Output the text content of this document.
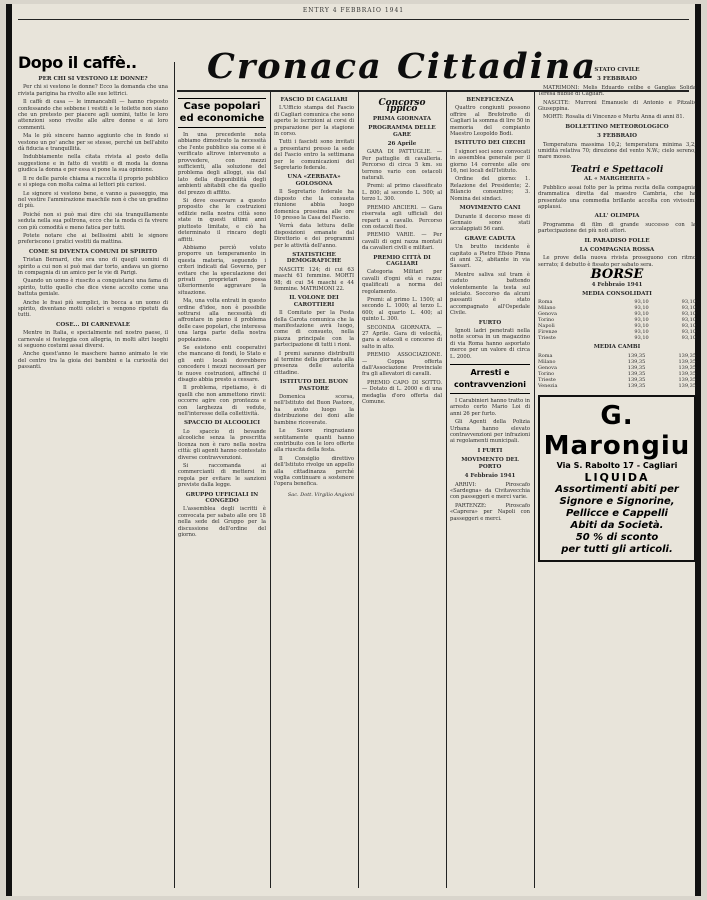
ENTRY 4 FEBBRAIO 1941
Cronaca Cittadina
Dopo il caffè..

PER CHI SI VESTONO LE DONNE?

Per chi si vestono le donne? Ecco la domanda che una rivista parigina ha rivolto alle sue lettrici.

Il caffè di casa — le immancabili — hanno risposto confessando che sebbene i vestiti e le toilette non siano che un pretesto per piacere agli uomini, tutte le loro attenzioni sono rivolte alle altre donne e ai loro commenti.

Ma le più sincere hanno aggiunto che in fondo si vestono un po' anche per se stesse, perché un bell'abito dà fiducia e tranquillità.

Indubbiamente nella citata rivista al posto della suggestione e in fatto di vestiti e di moda la donna giudica la donna e per essa si pone la sua opinione.

Il re delle parole chiama a raccolta il proprio pubblico e si spiega con molta calma ai lettori più curiosi.

Le signore si vestono bene, e vanno a passeggio, ma nel vestire l'ammirazione maschile non è che un gradino di più.

Poiché non si può mai dire chi sia tranquillamente seduta nella sua poltrona, ecco che la moda ci fa vivere con più comodità e meno fatica per tutti.

Potete notare che ai bellissimi abiti le signore preferiscono i pratici vestiti da mattina.

COME SI DIVENTA COMUNI DI SPIRITO

Tristan Bernard, che era uno di quegli uomini di spirito a cui non si può mai dar torto, andava un giorno in compagnia di un amico per le vie di Parigi.

Quando un uomo è riuscito a conquistarsi una fama di spirito, tutto quello che dice viene accolto come una battuta geniale.

Anche le frasi più semplici, in bocca a un uomo di spirito, diventano motti celebri e vengono ripetuti da tutti.

COSE... DI CARNEVALE

Mentre in Italia, e specialmente nel nostro paese, il carnevale si festeggia con allegria, in molti altri luoghi si seguono costumi assai diversi.

Anche quest'anno le maschere hanno animato le vie del centro tra la gioia dei bambini e la curiosità dei passanti.

Case popolari ed economiche

In una precedente nota abbiamo dimostrato la necessità che l'ente pubblico sia come si è verificato altrove intervenuto a provvedere, con mezzi sufficienti, alla soluzione del problema degli alloggi, sia dal lato della disponibilità degli ambienti abitabili che da quello del prezzo di affitto.

Si deve osservare a questo proposito che le costruzioni edilizie nella nostra città sono state in questi ultimi anni piuttosto limitate, e ciò ha determinato il rincaro degli affitti.

Abbiamo perciò voluto proporre un temperamento in questa materia, seguendo i criteri indicati dal Governo, per evitare che la speculazione dei privati proprietari possa ulteriormente aggravare la situazione.

Ma, una volta entrati in questo ordine d'idee, non è possibile sottrarsi alla necessità di affrontare in pieno il problema delle case popolari, che interessa una larga parte della nostra popolazione.

Se esistono enti cooperativi che mancano di fondi, lo Stato e gli enti locali dovrebbero concedere i mezzi necessari per le nuove costruzioni, affinché il disagio abbia presto a cessare.

Il problema, ripetiamo, è di quelli che non ammettono rinvii: occorre agire con prontezza e con larghezza di vedute, nell'interesse della collettività.

SPACCIO DI ALCOOLICI

Lo spaccio di bevande alcooliche senza la prescritta licenza non è raro nella nostra città: gli agenti hanno contestato diverse contravvenzioni.

Si raccomanda ai commercianti di mettersi in regola per evitare le sanzioni previste dalla legge.

GRUPPO UFFICIALI IN CONGEDO

L'assemblea degli iscritti è convocata per sabato alle ore 18 nella sede del Gruppo per la discussione dell'ordine del giorno.

FASCIO DI CAGLIARI

L'Ufficio stampa del Fascio di Cagliari comunica che sono aperte le iscrizioni ai corsi di preparazione per la stagione in corso.

Tutti i fascisti sono invitati a presentarsi presso la sede del Fascio entro la settimana per le comunicazioni del Segretario federale.

UNA «ZERBATA» GOLOSONA

Il Segretario federale ha disposto che la consueta riunione abbia luogo domenica prossima alle ore 10 presso la Casa del Fascio.

Verrà data lettura delle disposizioni emanate dal Direttorio e dei programmi per le attività dell'anno.

STATISTICHE DEMOGRAFICHE

NASCITE 124; di cui 63 maschi 61 femmine. MORTI 98; di cui 54 maschi e 44 femmine. MATRIMONI 22.

IL VOLONE DEI CAROTTIERI

Il Comitato per la Festa della Carota comunica che la manifestazione avrà luogo, come di consueto, nella piazza principale con la partecipazione di tutti i rioni.

I premi saranno distribuiti al termine della giornata alla presenza delle autorità cittadine.

ISTITUTO DEL BUON PASTORE

Domenica scorsa, nell'Istituto del Buon Pastore, ha avuto luogo la distribuzione dei doni alle bambine ricoverate.

Le Suore ringraziano sentitamente quanti hanno contribuito con le loro offerte alla riuscita della festa.

Il Consiglio direttivo dell'Istituto rivolge un appello alla cittadinanza perché voglia continuare a sostenere l'opera benefica.

Sac. Dott. Virgilio Angioni
Concorso ippico

PRIMA GIORNATA

PROGRAMMA DELLE GARE

26 Aprile

GARA DI PATTUGLIE. — Per pattuglie di cavalleria. Percorso di circa 5 km. su terreno vario con ostacoli naturali.

Premi: al primo classificato L. 800; al secondo L. 500; al terzo L. 300.

PREMIO ARCIERI. — Gara riservata agli ufficiali dei reparti a cavallo. Percorso con ostacoli fissi.

PREMIO VARIE. — Per cavalli di ogni razza montati da cavalieri civili e militari.

PREMIO CITTÀ DI CAGLIARI

Categoria Militari per cavalli d'ogni età e razza: qualificati a norma del regolamento.

Premi: al primo L. 1500; al secondo L. 1000; al terzo L. 600; al quarto L. 400; al quinto L. 300.

SECONDA GIORNATA. — 27 Aprile. Gara di velocità, gara a ostacoli e concorso di salto in alto.

PREMIO ASSOCIAZIONE. — Coppa offerta dall'Associazione Provinciale fra gli allevatori di cavalli.

PREMIO CAPO DI SOTTO. — Dotato di L. 2000 e di una medaglia d'oro offerta dal Comune.

BENEFICENZA

Quattro congiunti possono offrire al Brefotrofio di Cagliari la somma di lire 50 in memoria del compianto Maestro Leopoldo Bodi.

ISTITUTO DEI CIECHI

I signori soci sono convocati in assemblea generale per il giorno 14 corrente alle ore 16, nei locali dell'Istituto.

Ordine del giorno: 1. Relazione del Presidente; 2. Bilancio consuntivo; 3. Nomina dei sindaci.

MOVIMENTO CANI

Durante il decorso mese di Gennaio sono stati accalappiati 56 cani.

GRAVE CADUTA

Un brutto incidente è capitato a Pietro Efisio Pinna di anni 32, abitante in via Sassari.

Mentre saliva sul tram è caduto battendo violentemente la testa sul selciato. Soccorso da alcuni passanti è stato accompagnato all'Ospedale Civile.

FURTO

Ignoti ladri penetrati nella notte scorsa in un magazzino di via Roma hanno asportato merce per un valore di circa L. 2000.

Arresti e contravvenzioni

I Carabinieri hanno tratto in arresto certo Mario Loi di anni 26 per furto.

Gli Agenti della Polizia Urbana hanno elevato contravvenzioni per infrazioni ai regolamenti municipali.

I FURTI

MOVIMENTO DEL PORTO

4 Febbraio 1941

ARRIVI: Piroscafo «Sardegna» da Civitavecchia con passeggeri e merci varie.

PARTENZE: Piroscafo «Caprera» per Napoli con passeggeri e merci.

STATO CIVILE

3 FEBBRAIO

MATRIMONI: Melis Eduardo celibe e Ganglas Solida Teresa nubile di Cagliari.

NASCITE: Murroni Emanuele di Antonio e Pitzalis Giuseppina.

MORTI: Rosalia di Vincenzo e Murtu Anna di anni 81.

BOLLETTINO METEOROLOGICO

3 FEBBRAIO

Temperatura massima 10,2; temperatura minima 3,2; umidità relativa 70; direzione del vento N.W.; cielo sereno; mare mosso.

Teatri e Spettacoli

AL « MARGHERITA »

Pubblico assai folto per la prima recita della compagnia drammatica diretta dal maestro Cambria, che ha presentato una commedia brillante accolta con vivissimi applausi.

ALL' OLIMPIA

Programma di film di grande successo con la partecipazione dei più noti attori.

IL PARADISO FOLLE

LA COMPAGNIA ROSSA

Le prove della nuova rivista proseguono con ritmo serrato; il debutto è fissato per sabato sera.

BORSE

4 Febbraio 1941

MEDIA CONSOLIDATI

Roma	93,10	93,10
Milano	93,10	93,10
Genova	93,10	93,10
Torino	93,10	93,10
Napoli	93,10	93,10
Firenze	93,10	93,10
Trieste	93,10	93,10

MEDIA CAMBI

Roma	139,35	139,35
Milano	139,35	139,35
Genova	139,35	139,35
Torino	139,35	139,35
Trieste	139,35	139,35
Venezia	139,35	139,35
G. Marongiu
Via S. Rabolto 17 - Cagliari
LIQUIDA
Assortimenti abiti per
Signore e Signorine,
Pellicce e Cappelli
Abiti da Società.
50 % di sconto
per tutti gli articoli.
